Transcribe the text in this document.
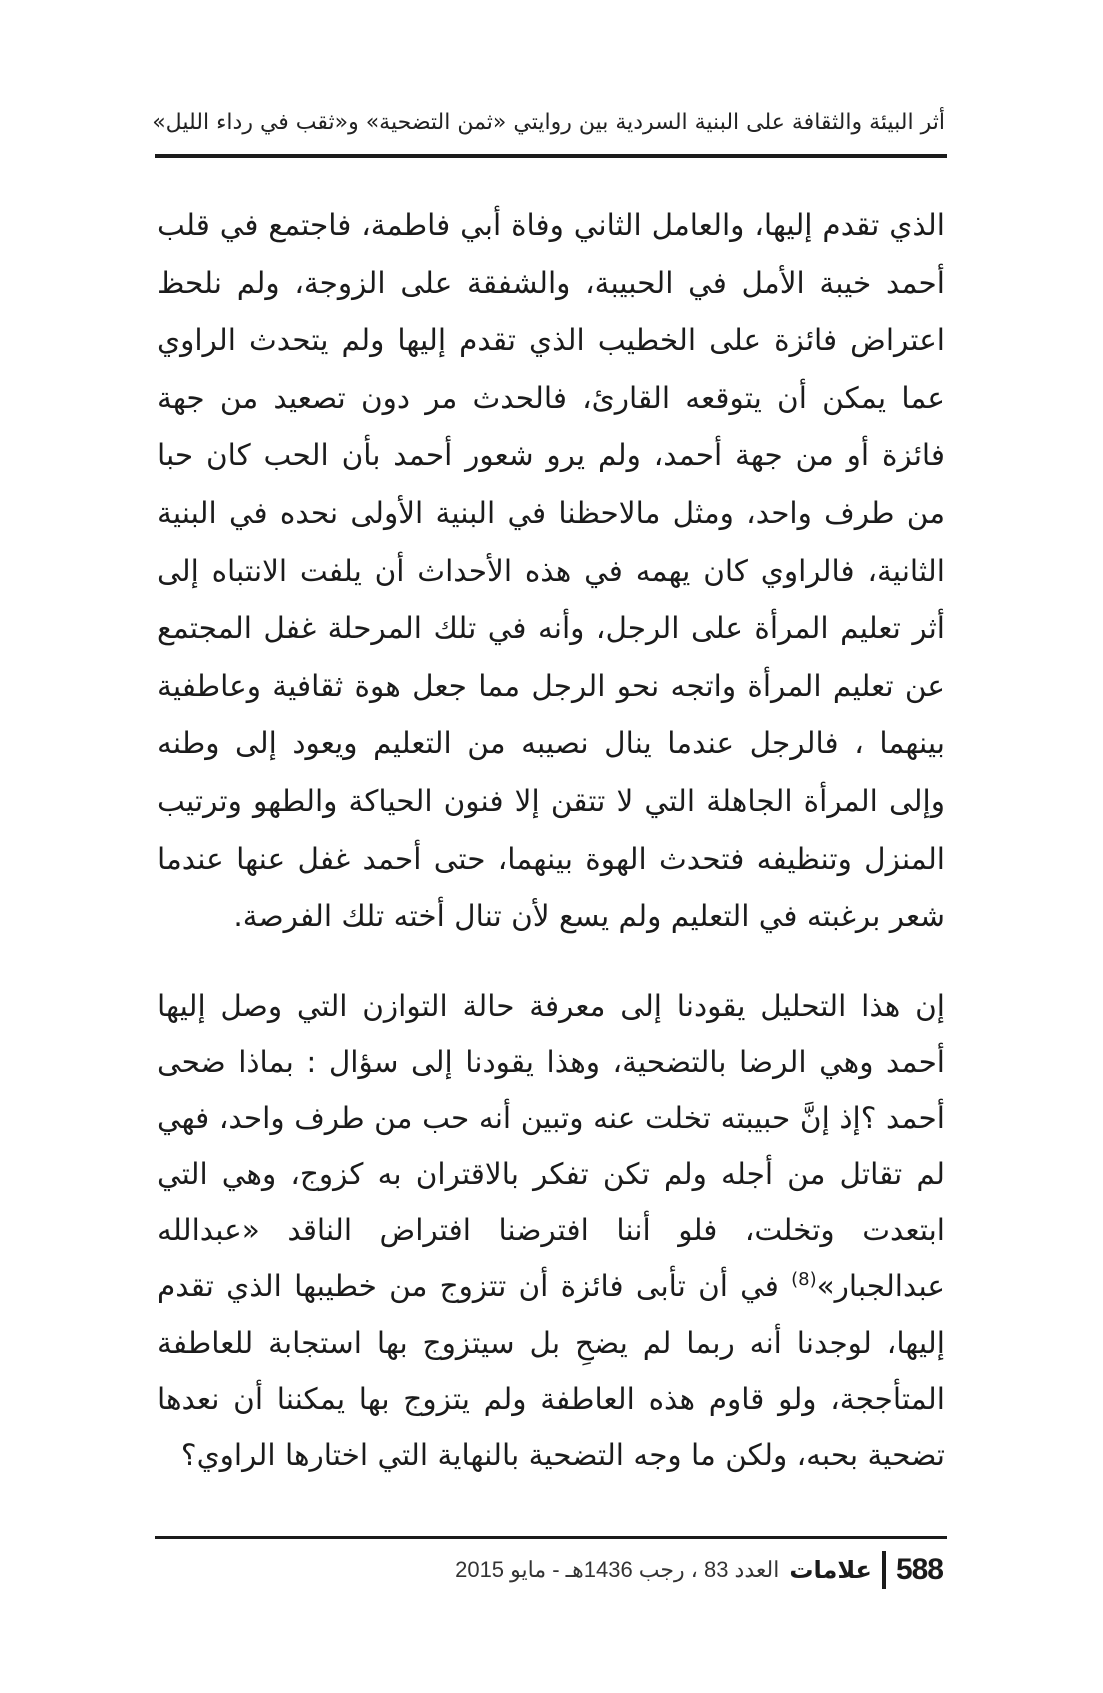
أثر البيئة والثقافة على البنية السردية بين روايتي «ثمن التضحية» و«ثقب في رداء الليل»

الذي تقدم إليها، والعامل الثاني وفاة أبي فاطمة، فاجتمع في قلب أحمد خيبة الأمل في الحبيبة، والشفقة على الزوجة، ولم نلحظ اعتراض فائزة على الخطيب الذي تقدم إليها ولم يتحدث الراوي عما يمكن أن يتوقعه القارئ، فالحدث مر دون تصعيد من جهة فائزة أو من جهة أحمد، ولم يرو شعور أحمد بأن الحب كان حبا من طرف واحد، ومثل مالاحظنا في البنية الأولى نحده في البنية الثانية، فالراوي كان يهمه في هذه الأحداث أن يلفت الانتباه إلى أثر تعليم المرأة على الرجل، وأنه في تلك المرحلة غفل المجتمع عن تعليم المرأة واتجه نحو الرجل مما جعل هوة ثقافية وعاطفية بينهما ، فالرجل عندما ينال نصيبه من التعليم ويعود إلى وطنه وإلى المرأة الجاهلة التي لا تتقن إلا فنون الحياكة والطهو وترتيب المنزل وتنظيفه فتحدث الهوة بينهما، حتى أحمد غفل عنها عندما شعر برغبته في التعليم ولم يسع لأن تنال أخته تلك الفرصة.

إن هذا التحليل يقودنا إلى معرفة حالة التوازن التي وصل إليها أحمد وهي الرضا بالتضحية، وهذا يقودنا إلى سؤال : بماذا ضحى أحمد ؟إذ إنَّ حبيبته تخلت عنه وتبين أنه حب من طرف واحد، فهي لم تقاتل من أجله ولم تكن تفكر بالاقتران به كزوج، وهي التي ابتعدت وتخلت، فلو أننا افترضنا افتراض الناقد «عبدالله عبدالجبار»$^{(8)}$ في أن تأبى فائزة أن تتزوج من خطيبها الذي تقدم إليها، لوجدنا أنه ربما لم يضحِ بل سيتزوج بها استجابة للعاطفة المتأججة، ولو قاوم هذه العاطفة ولم يتزوج بها يمكننا أن نعدها تضحية بحبه، ولكن ما وجه التضحية بالنهاية التي اختارها الراوي؟

العدد 83 ، رجب 1436هـ - مايو 2015 علامات 588
